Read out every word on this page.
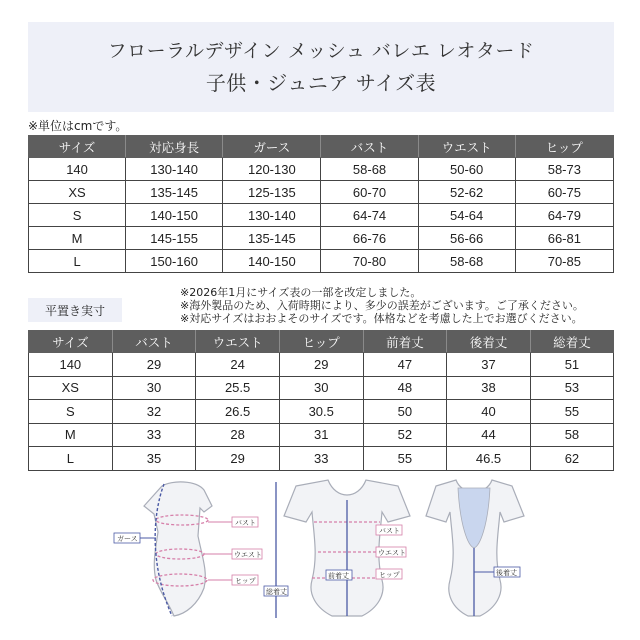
フローラルデザイン メッシュ バレエ レオタード
子供・ジュニア サイズ表
※単位はcmです。
サイズ	対応身長	ガース	バスト	ウエスト	ヒップ
140	130-140	120-130	58-68	50-60	58-73
XS	135-145	125-135	60-70	52-62	60-75
S	140-150	130-140	64-74	54-64	64-79
M	145-155	135-145	66-76	56-66	66-81
L	150-160	140-150	70-80	58-68	70-85
平置き実寸
※2026年1月にサイズ表の一部を改定しました。
※海外製品のため、入荷時期により、多少の誤差がございます。ご了承ください。
※対応サイズはおおよそのサイズです。体格などを考慮した上でお選びください。
サイズ	バスト	ウエスト	ヒップ	前着丈	後着丈	総着丈
140	29	24	29	47	37	51
XS	30	25.5	30	48	38	53
S	32	26.5	30.5	50	40	55
M	33	28	31	52	44	58
L	35	29	33	55	46.5	62
ガース
バスト
ウエスト
ヒップ
前着丈
総着丈
バスト
ウエスト
ヒップ	後着丈
